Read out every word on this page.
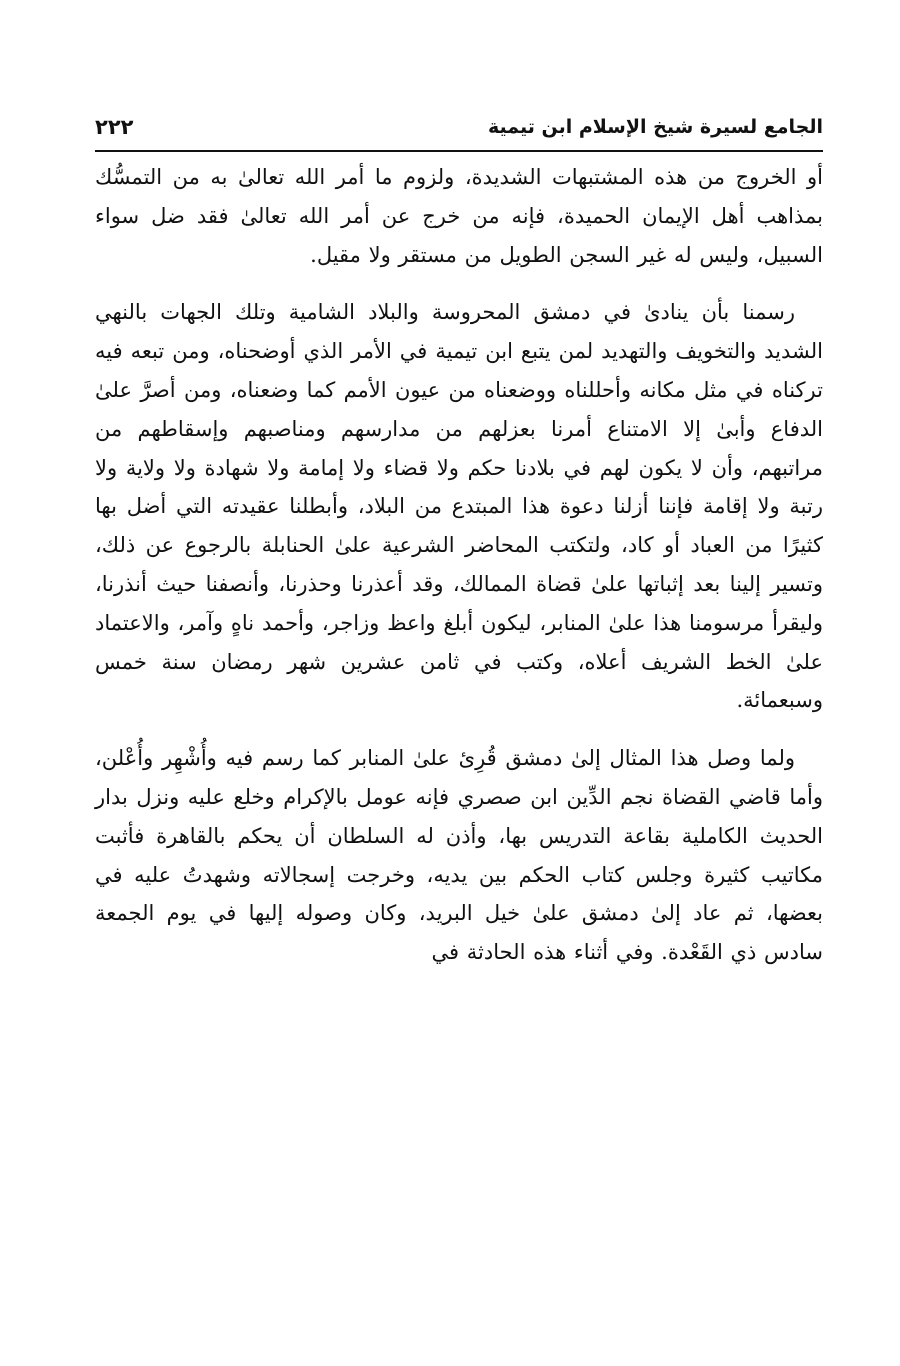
الجامع لسيرة شيخ الإسلام ابن تيمية
٢٢٢

أو الخروج من هذه المشتبهات الشديدة، ولزوم ما أمر الله تعالىٰ به من التمسُّك بمذاهب أهل الإيمان الحميدة، فإنه من خرج عن أمر الله تعالىٰ فقد ضل سواء السبيل، وليس له غير السجن الطويل من مستقر ولا مقيل.

رسمنا بأن ينادىٰ في دمشق المحروسة والبلاد الشامية وتلك الجهات بالنهي الشديد والتخويف والتهديد لمن يتبع ابن تيمية في الأمر الذي أوضحناه، ومن تبعه فيه تركناه في مثل مكانه وأحللناه ووضعناه من عيون الأمم كما وضعناه، ومن أصرَّ علىٰ الدفاع وأبىٰ إلا الامتناع أمرنا بعزلهم من مدارسهم ومناصبهم وإسقاطهم من مراتبهم، وأن لا يكون لهم في بلادنا حكم ولا قضاء ولا إمامة ولا شهادة ولا ولاية ولا رتبة ولا إقامة فإننا أزلنا دعوة هذا المبتدع من البلاد، وأبطلنا عقيدته التي أضل بها كثيرًا من العباد أو كاد، ولتكتب المحاضر الشرعية علىٰ الحنابلة بالرجوع عن ذلك، وتسير إلينا بعد إثباتها علىٰ قضاة الممالك، وقد أعذرنا وحذرنا، وأنصفنا حيث أنذرنا، وليقرأ مرسومنا هذا علىٰ المنابر، ليكون أبلغ واعظ وزاجر، وأحمد ناهٍ وآمر، والاعتماد علىٰ الخط الشريف أعلاه، وكتب في ثامن عشرين شهر رمضان سنة خمس وسبعمائة.

ولما وصل هذا المثال إلىٰ دمشق قُرِئ علىٰ المنابر كما رسم فيه وأُشْهِر وأُعْلن، وأما قاضي القضاة نجم الدِّين ابن صصري فإنه عومل بالإكرام وخلع عليه ونزل بدار الحديث الكاملية بقاعة التدريس بها، وأذن له السلطان أن يحكم بالقاهرة فأثبت مكاتيب كثيرة وجلس كتاب الحكم بين يديه، وخرجت إسجالاته وشهدتُ عليه في بعضها، ثم عاد إلىٰ دمشق علىٰ خيل البريد، وكان وصوله إليها في يوم الجمعة سادس ذي القَعْدة. وفي أثناء هذه الحادثة في
